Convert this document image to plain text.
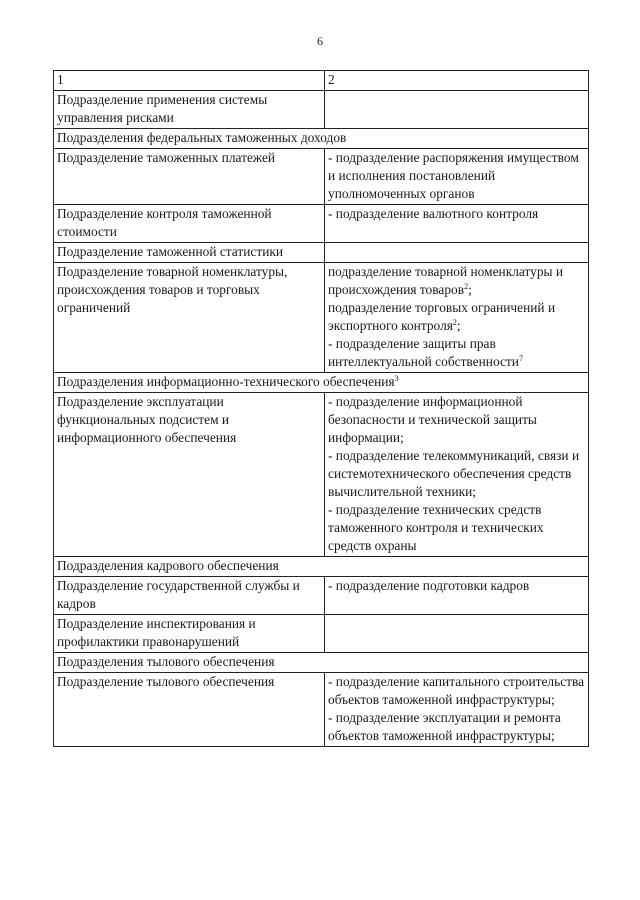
6
1	2
Подразделение применения системы управления рисками	
Подразделения федеральных таможенных доходов	
Подразделение таможенных платежей	- подразделение распоряжения имуществом и исполнения постановлений уполномоченных органов

Подразделение контроля таможенной стоимости	- подразделение валютного контроля

Подразделение таможенной статистики	
Подразделение товарной номенклатуры, происхождения товаров и торговых ограничений	подразделение товарной номенклатуры и происхождения товаров$^2$;
подразделение торговых ограничений и экспортного контроля$^2$;
- подразделение защиты прав интеллектуальной собственности$^7$

Подразделения информационно-технического обеспечения$^3$
Подразделение эксплуатации функциональных подсистем и информационного обеспечения	- подразделение информационной безопасности и технической защиты информации;
- подразделение телекоммуникаций, связи и системотехнического обеспечения средств вычислительной техники;
- подразделение технических средств таможенного контроля и технических средств охраны

Подразделения кадрового обеспечения	
Подразделение государственной службы и кадров	- подразделение подготовки кадров

Подразделение инспектирования и профилактики правонарушений	
Подразделения тылового обеспечения	
Подразделение тылового обеспечения	- подразделение капитального строительства объектов таможенной инфраструктуры;
- подразделение эксплуатации и ремонта объектов таможенной инфраструктуры;
